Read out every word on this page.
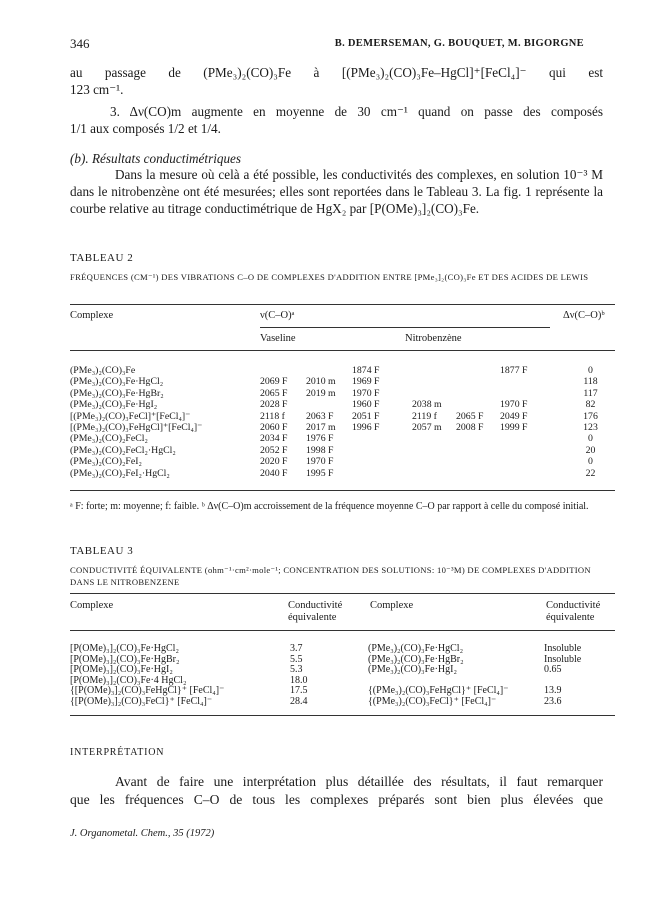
346	B. DEMERSEMAN, G. BOUQUET, M. BIGORGNE
au passage de (PMe₃)₂(CO)₃Fe à [(PMe₃)₂(CO)₃Fe–HgCl]⁺[FeCl₄]⁻ qui est
123 cm⁻¹.
3. Δν(CO)m augmente en moyenne de 30 cm⁻¹ quand on passe des composés
1/1 aux composés 1/2 et 1/4.
(b). Résultats conductimétriques
Dans la mesure où celà a été possible, les conductivités des complexes, en solution 10⁻³ M dans le nitrobenzène ont été mesurées; elles sont reportées dans le Tableau 3. La fig. 1 représente la courbe relative au titrage conductimétrique de HgX₂ par [P(OMe)₃]₂(CO)₃Fe.
TABLEAU 2
FRÉQUENCES (CM⁻¹) DES VIBRATIONS C–O DE COMPLEXES D'ADDITION ENTRE [PMe₃]₂(CO)₃Fe ET DES ACIDES DE LEWIS
Complexe	ν(C–O)ᵃ	Δν(C–O)ᵇ
Vaseline	Nitrobenzène
(PMe₃)₂(CO)₃Fe			1874 F			1877 F	0
(PMe₃)₂(CO)₃Fe·HgCl₂	2069 F	2010 m	1969 F				118
(PMe₃)₂(CO)₃Fe·HgBr₂	2065 F	2019 m	1970 F				117
(PMe₃)₂(CO)₃Fe·HgI₂	2028 F		1960 F	2038 m		1970 F	82
[(PMe₃)₂(CO)₃FeCl]⁺[FeCl₄]⁻	2118 f	2063 F	2051 F	2119 f	2065 F	2049 F	176
[(PMe₃)₂(CO)₃FeHgCl]⁺[FeCl₄]⁻	2060 F	2017 m	1996 F	2057 m	2008 F	1999 F	123
(PMe₃)₂(CO)₂FeCl₂	2034 F	1976 F					0
(PMe₃)₂(CO)₂FeCl₂·HgCl₂	2052 F	1998 F					20
(PMe₃)₂(CO)₂FeI₂	2020 F	1970 F					0
(PMe₃)₂(CO)₂FeI₂·HgCl₂	2040 F	1995 F					22
ᵃ F: forte; m: moyenne; f: faible. ᵇ Δν(C–O)m accroissement de la fréquence moyenne C–O par rapport à celle du composé initial.
TABLEAU 3
CONDUCTIVITÉ ÉQUIVALENTE (ohm⁻¹·cm²·mole⁻¹; CONCENTRATION DES SOLUTIONS: 10⁻³M) DE COMPLEXES D'ADDITION DANS LE NITROBENZENE
Complexe	Conductivité
équivalente
Complexe	Conductivité
équivalente
[P(OMe)₃]₂(CO)₃Fe·HgCl₂	3.7	(PMe₃)₂(CO)₃Fe·HgCl₂	Insoluble
[P(OMe)₃]₂(CO)₃Fe·HgBr₂	5.5	(PMe₃)₂(CO)₃Fe·HgBr₂	Insoluble
[P(OMe)₃]₂(CO)₃Fe·HgI₂	5.3	(PMe₃)₂(CO)₃Fe·HgI₂	0.65
[P(OMe)₃]₂(CO)₃Fe·4 HgCl₂	18.0		
{[P(OMe)₃]₂(CO)₃FeHgCl}⁺ [FeCl₄]⁻	17.5	{(PMe₃)₂(CO)₃FeHgCl}⁺ [FeCl₄]⁻	13.9
{[P(OMe)₃]₂(CO)₃FeCl}⁺ [FeCl₄]⁻	28.4	{(PMe₃)₂(CO)₃FeCl}⁺ [FeCl₄]⁻	23.6
INTERPRÉTATION
Avant de faire une interprétation plus détaillée des résultats, il faut remarquer
que les fréquences C–O de tous les complexes préparés sont bien plus élevées que
J. Organometal. Chem., 35 (1972)
